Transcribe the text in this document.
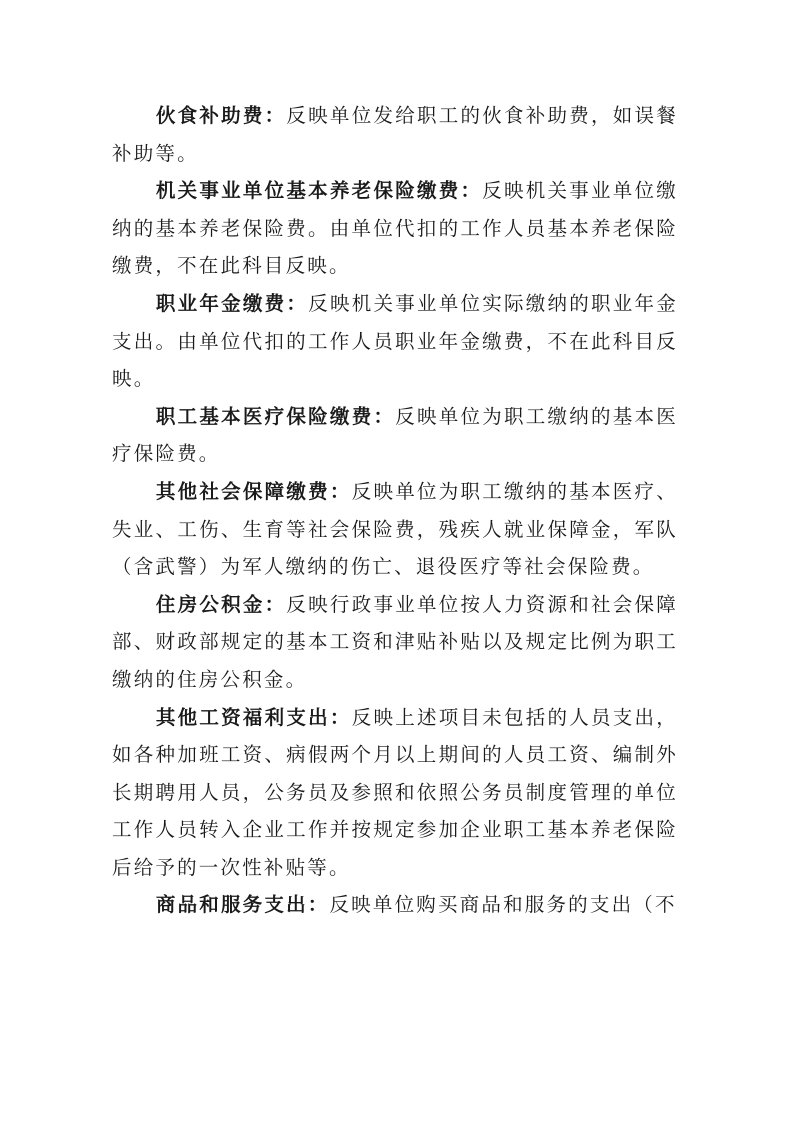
伙食补助费：反映单位发给职工的伙食补助费，如误餐补助等。

机关事业单位基本养老保险缴费：反映机关事业单位缴纳的基本养老保险费。由单位代扣的工作人员基本养老保险缴费，不在此科目反映。

职业年金缴费：反映机关事业单位实际缴纳的职业年金支出。由单位代扣的工作人员职业年金缴费，不在此科目反映。

职工基本医疗保险缴费：反映单位为职工缴纳的基本医疗保险费。

其他社会保障缴费：反映单位为职工缴纳的基本医疗、失业、工伤、生育等社会保险费，残疾人就业保障金，军队（含武警）为军人缴纳的伤亡、退役医疗等社会保险费。

住房公积金：反映行政事业单位按人力资源和社会保障部、财政部规定的基本工资和津贴补贴以及规定比例为职工缴纳的住房公积金。

其他工资福利支出：反映上述项目未包括的人员支出，如各种加班工资、病假两个月以上期间的人员工资、编制外长期聘用人员，公务员及参照和依照公务员制度管理的单位工作人员转入企业工作并按规定参加企业职工基本养老保险后给予的一次性补贴等。

商品和服务支出：反映单位购买商品和服务的支出（不
